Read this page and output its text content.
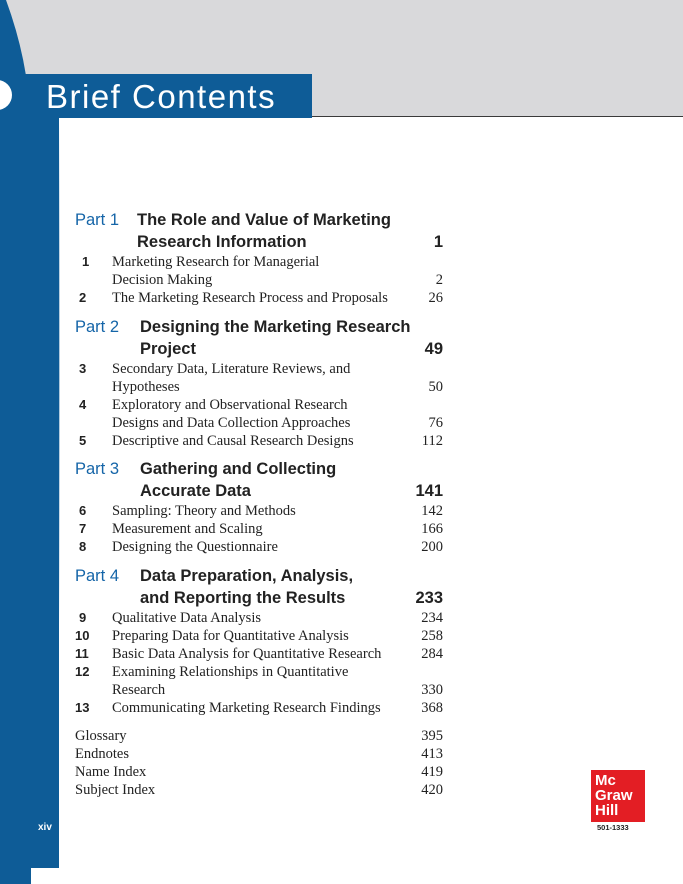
Brief Contents
xiv
Part 1 The Role and Value of Marketing
Research Information	1
1 Marketing Research for Managerial
Decision Making	2
2 The Marketing Research Process and Proposals	26
Part 2 Designing the Marketing Research
Project	49
3 Secondary Data, Literature Reviews, and
Hypotheses	50
4 Exploratory and Observational Research
Designs and Data Collection Approaches	76
5 Descriptive and Causal Research Designs	112
Part 3 Gathering and Collecting
Accurate Data	141
6 Sampling: Theory and Methods	142
7 Measurement and Scaling	166
8 Designing the Questionnaire	200
Part 4 Data Preparation, Analysis,
and Reporting the Results	233
9 Qualitative Data Analysis	234
10 Preparing Data for Quantitative Analysis	258
11 Basic Data Analysis for Quantitative Research	284
12 Examining Relationships in Quantitative
Research	330
13 Communicating Marketing Research Findings	368
Glossary	395
Endnotes	413
Name Index	419
Subject Index	420
Mc
Graw
Hill
501-1333
